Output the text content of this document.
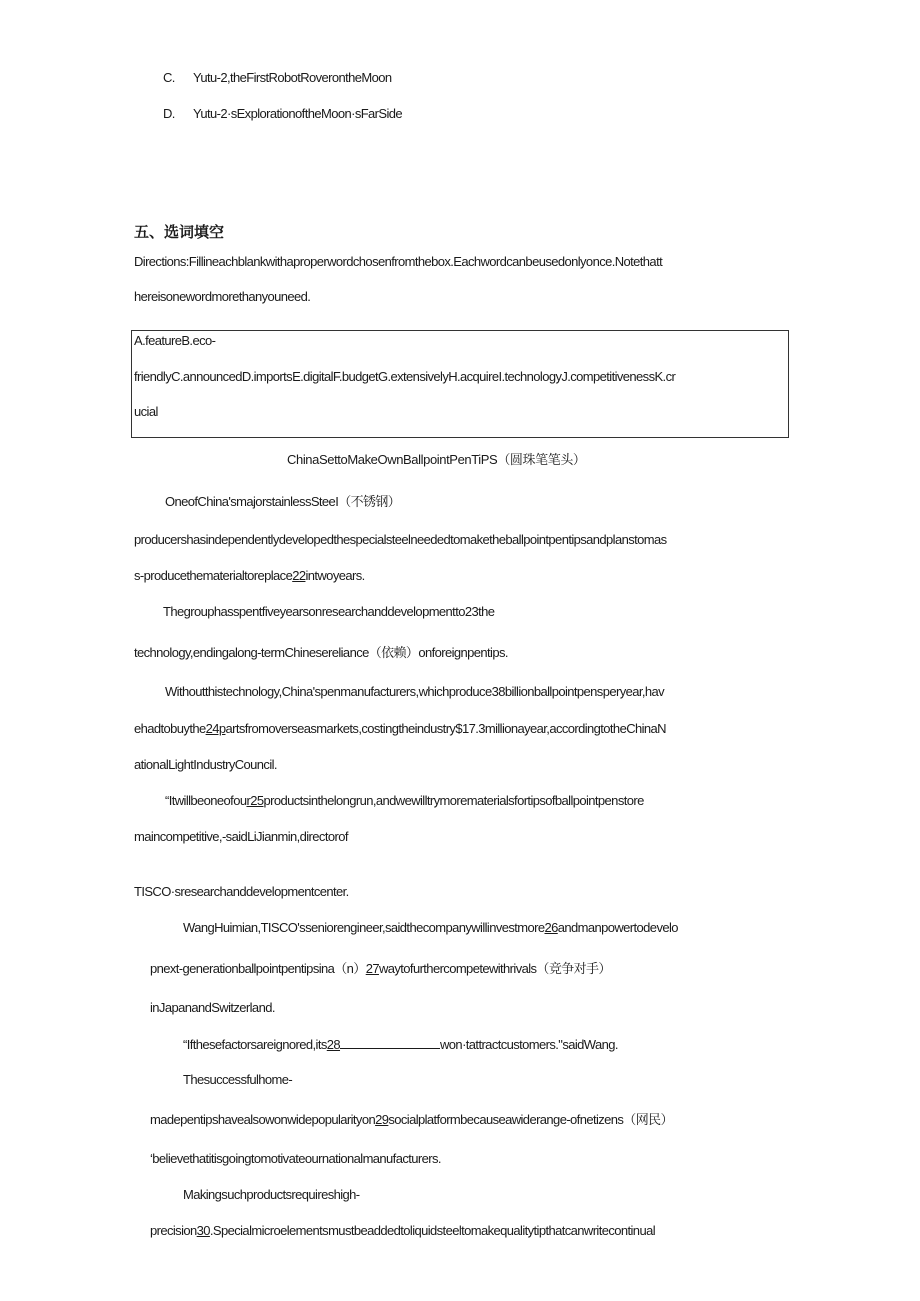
C. Yutu-2,theFirstRobotRoverontheMoon
D. Yutu-2·sExplorationoftheMoon·sFarSide
五、选词填空
Directions:Fillineachblankwithaproperwordchosenfromthebox.Eachwordcanbeusedonlyonce.Notethatt
hereisonewordmorethanyouneed.
A.featureB.eco-
friendlyC.announcedD.importsE.digitalF.budgetG.extensivelyH.acquireI.technologyJ.competitivenessK.cr
ucial
ChinaSettoMakeOwnBallpointPenTiPS（圆珠笔笔头）
OneofChina'smajorstainlessSteeI（不锈钢）
producershasindependentlydevelopedthespecialsteelneededtomaketheballpointpentipsandplanstomas
s-producethematerialtoreplace22intwoyears.
Thegrouphasspentfiveyearsonresearchanddevelopmentto23the
technology,endingalong-termChinesereliance（依赖）onforeignpentips.
Withoutthistechnology,China'spenmanufacturers,whichproduce38billionballpointpensperyear,hav
ehadtobuythe24partsfromoverseasmarkets,costingtheindustry$17.3millionayear,accordingtotheChinaN
ationalLightIndustryCouncil.
“Itwillbeoneofour25productsinthelongrun,andwewilltrymorematerialsfortipsofballpointpenstore
maincompetitive,-saidLiJianmin,directorof
TISCO·sresearchanddevelopmentcenter.
WangHuimian,TISCO'sseniorengineer,saidthecompanywillinvestmore26andmanpowertodevelo
pnext-generationballpointpentipsina（n）27waytofurthercompetewithrivals（竞争对手）
inJapanandSwitzerland.
“Ifthesefactorsareignored,its28	won·tattractcustomers."saidWang.
Thesuccessfulhome-
madepentipshavealsowonwidepopularityon29socialplatformbecauseawiderange-ofnetizens（网民）
‘believethatitisgoingtomotivateournationalmanufacturers.
Makingsuchproductsrequireshigh-
precision30.Specialmicroelementsmustbeaddedtoliquidsteeltomakequalitytipthatcanwritecontinual
